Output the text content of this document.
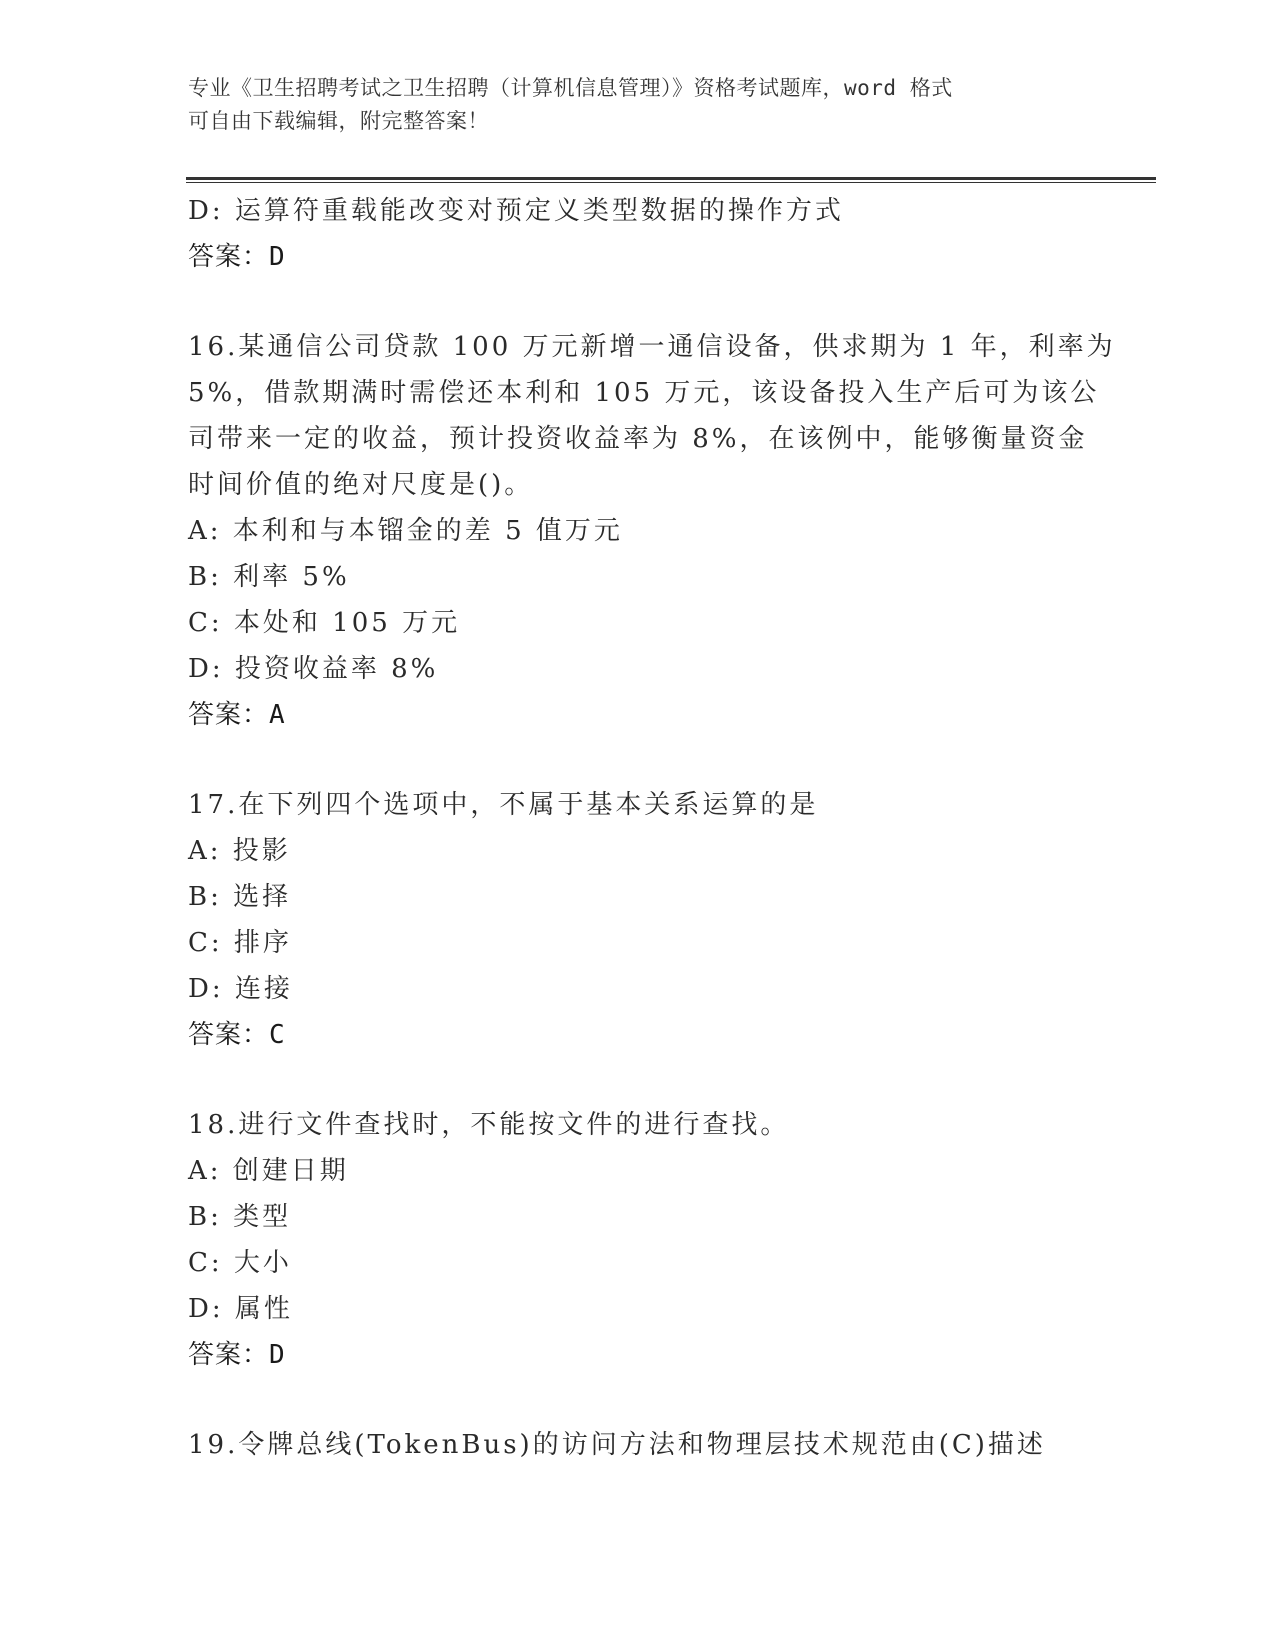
专业《卫生招聘考试之卫生招聘（计算机信息管理）》资格考试题库，word 格式
可自由下载编辑，附完整答案！
D: 运算符重载能改变对预定义类型数据的操作方式
答案：D
16.某通信公司贷款 100 万元新增一通信设备，供求期为 1 年，利率为
5%，借款期满时需偿还本利和 105 万元，该设备投入生产后可为该公
司带来一定的收益，预计投资收益率为 8%，在该例中，能够衡量资金
时间价值的绝对尺度是()。
A: 本利和与本镏金的差 5 值万元
B: 利率 5%
C: 本处和 105 万元
D: 投资收益率 8%
答案：A
17.在下列四个选项中，不属于基本关系运算的是
A: 投影
B: 选择
C: 排序
D: 连接
答案：C
18.进行文件查找时，不能按文件的进行查找。
A: 创建日期
B: 类型
C: 大小
D: 属性
答案：D
19.令牌总线(TokenBus)的访问方法和物理层技术规范由(C)描述
